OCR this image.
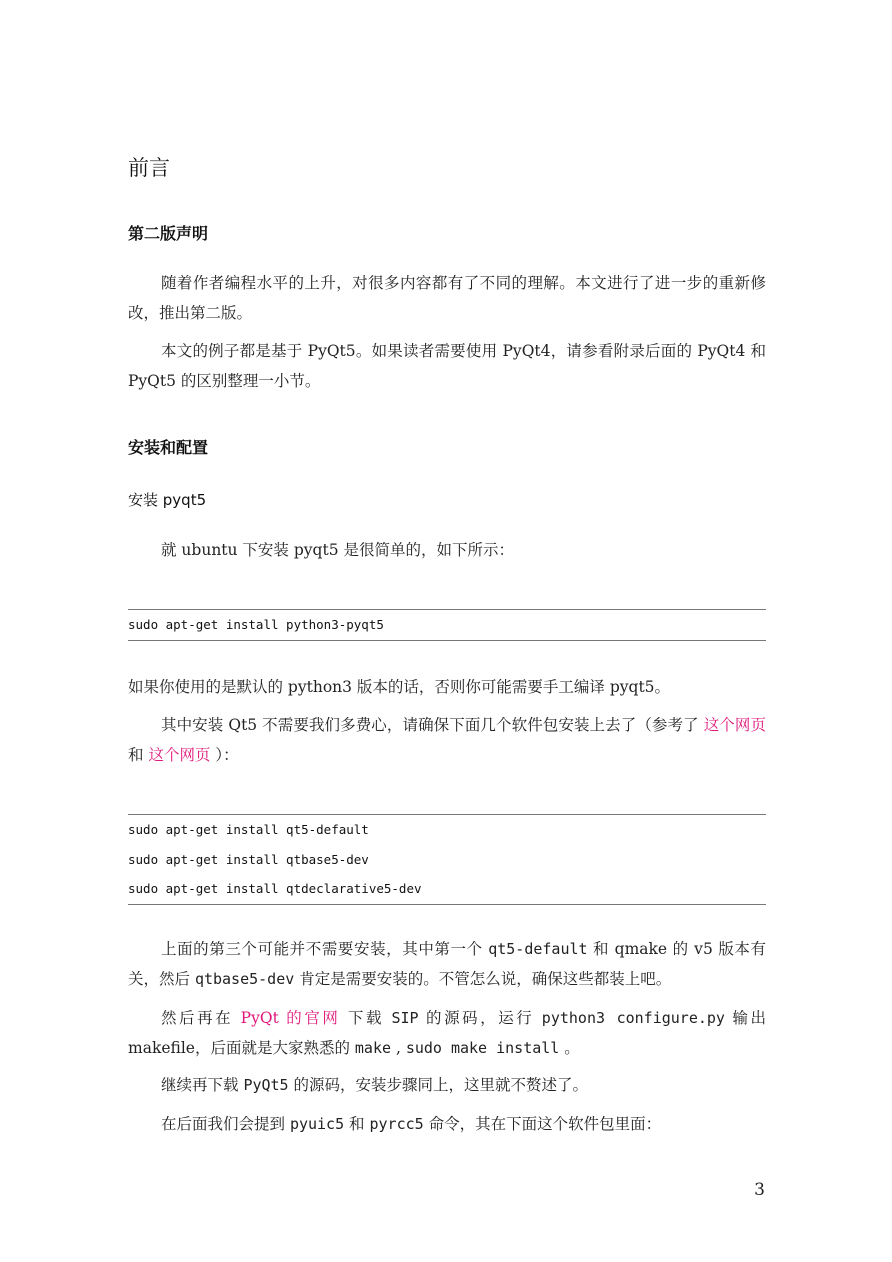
前言
第二版声明

随着作者编程水平的上升，对很多内容都有了不同的理解。本文进行了进一步的重新修改，推出第二版。

本文的例子都是基于 PyQt5。如果读者需要使用 PyQt4，请参看附录后面的 PyQt4 和 PyQt5 的区别整理一小节。

安装和配置
安装 pyqt5

就 ubuntu 下安装 pyqt5 是很简单的，如下所示：

sudo apt-get install python3-pyqt5

如果你使用的是默认的 python3 版本的话，否则你可能需要手工编译 pyqt5。

其中安装 Qt5 不需要我们多费心，请确保下面几个软件包安装上去了（参考了 这个网页 和 这个网页 ）：

sudo apt-get install qt5-default
sudo apt-get install qtbase5-dev
sudo apt-get install qtdeclarative5-dev

上面的第三个可能并不需要安装，其中第一个 qt5-default 和 qmake 的 v5 版本有关，然后 qtbase5-dev 肯定是需要安装的。不管怎么说，确保这些都装上吧。

然后再在 PyQt 的官网 下载 SIP 的源码，运行 python3 configure.py 输出 makefile，后面就是大家熟悉的 make , sudo make install 。

继续再下载 PyQt5 的源码，安装步骤同上，这里就不赘述了。

在后面我们会提到 pyuic5 和 pyrcc5 命令，其在下面这个软件包里面：

3
